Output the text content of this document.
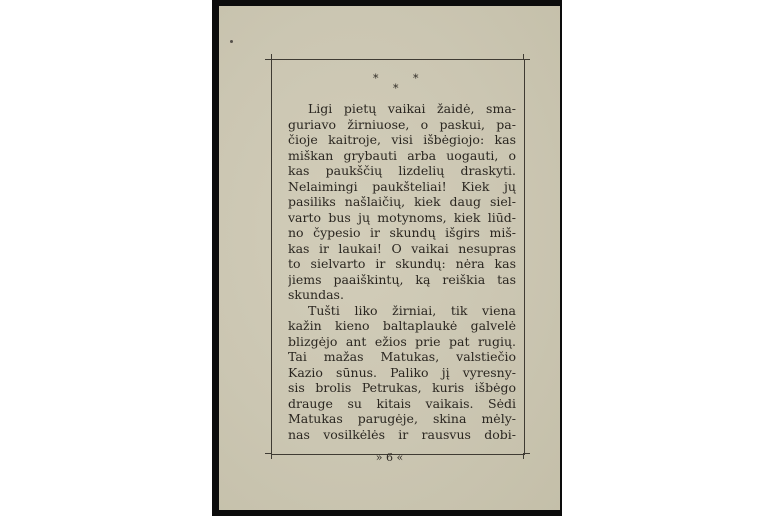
*	*
*
Ligi pietų vaikai žaidė, sma-
guriavo žirniuose, o paskui, pa-
čioje kaitroje, visi išbėgiojo: kas
miškan grybauti arba uogauti, o
kas paukščių lizdelių draskyti.
Nelaimingi paukšteliai! Kiek jų
pasiliks našlaičių, kiek daug siel-
varto bus jų motynoms, kiek liūd-
no čypesio ir skundų išgirs miš-
kas ir laukai! O vaikai nesupras
to sielvarto ir skundų: nėra kas
jiems paaiškintų, ką reiškia tas
skundas.
Tušti liko žirniai, tik viena
kažin kieno baltaplaukė galvelė
blizgėjo ant ežios prie pat rugių.
Tai mažas Matukas, valstiečio
Kazio sūnus. Paliko jį vyresny-
sis brolis Petrukas, kuris išbėgo
drauge su kitais vaikais. Sėdi
Matukas parugėje, skina mėly-
nas vosilkėlės ir rausvus dobi-
» 6 «
